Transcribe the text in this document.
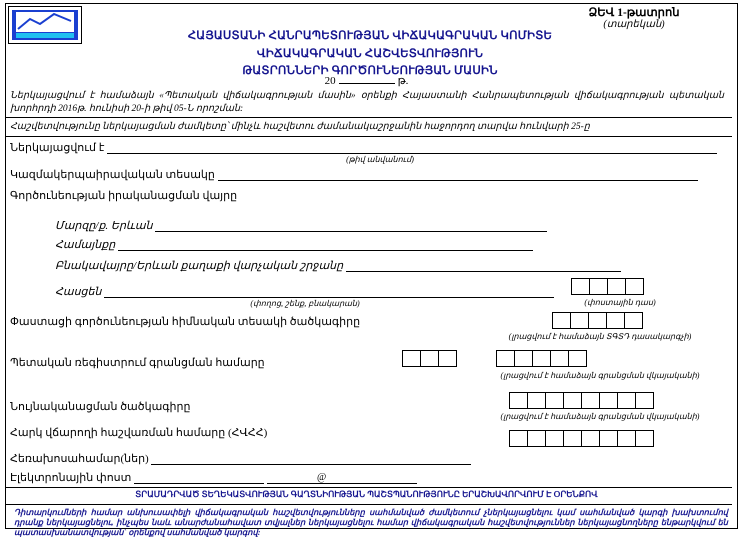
ՁԵՎ 1-թատրոն
(տարեկան)
ՀԱՅԱՍՏԱՆԻ ՀԱՆՐԱՊԵՏՈՒԹՅԱՆ ՎԻՃԱԿԱԳՐԱԿԱՆ ԿՈՄԻՏԵ
ՎԻՃԱԿԱԳՐԱԿԱՆ ՀԱՇՎԵՏՎՈՒԹՅՈՒՆ
ԹԱՏՐՈՆՆԵՐԻ ԳՈՐԾՈՒՆԵՈՒԹՅԱՆ ՄԱՍԻՆ
20	թ.
Ներկայացվում է համաձայն «Պետական վիճակագրության մասին» օրենքի Հայաստանի Հանրապետության վիճակագրության պետական խորհրդի 2016թ. հունիսի 20-ի թիվ 05-Ն որոշման:
Հաշվետվությունը ներկայացման ժամկետը՝ մինչև հաշվետու ժամանակաշրջանին հաջորդող տարվա հունվարի 25-ը
Ներկայացվում է
(թիվ անվանում)
Կազմակերպաիրավական տեսակը
Գործունեության իրականացման վայրը
Մարզը/ք. Երևան
Համայնքը
Բնակավայրը/Երևան քաղաքի վարչական շրջանը
Հասցեն
(փողոց, շենք, բնակարան)	(փոստային դաս)
Փաստացի գործունեության հիմնական տեսակի ծածկագիրը
(լրացվում է համաձայն ՏԳՏԴ դասակարգչի)
Պետական ռեգիստրում գրանցման համարը
(լրացվում է համաձայն գրանցման վկայականի)
Նույնականացման ծածկագիրը
(լրացվում է համաձայն գրանցման վկայականի)
Հարկ վճարողի հաշվառման համարը (ՀՎՀՀ)
Հեռախոսահամար(ներ)
Էլեկտրոնային փոստ	@
ՏՐԱՄԱԴՐՎԱԾ ՏԵՂԵԿԱՏՎՈՒԹՅԱՆ ԳԱՂՏՆԻՈՒԹՅԱՆ ՊԱՇՏՊԱՆՈՒԹՅՈՒՆԸ ԵՐԱՇԽԱՎՈՐՎՈՒՄ Է ՕՐԵՆՔՈՎ
Դիտարկումների համար անխուսափելի վիճակագրական հաշվետվությունները սահմանված ժամկետում չներկայացնելու կամ սահմանված կարգի խախտումով դրանք ներկայացնելու, ինչպես նաև անարժանահավատ տվյալներ ներկայացնելու համար վիճակագրական հաշվետվություններ ներկայացնողները ենթարկվում են պատասխանատվության` օրենքով սահմանված կարգով:
